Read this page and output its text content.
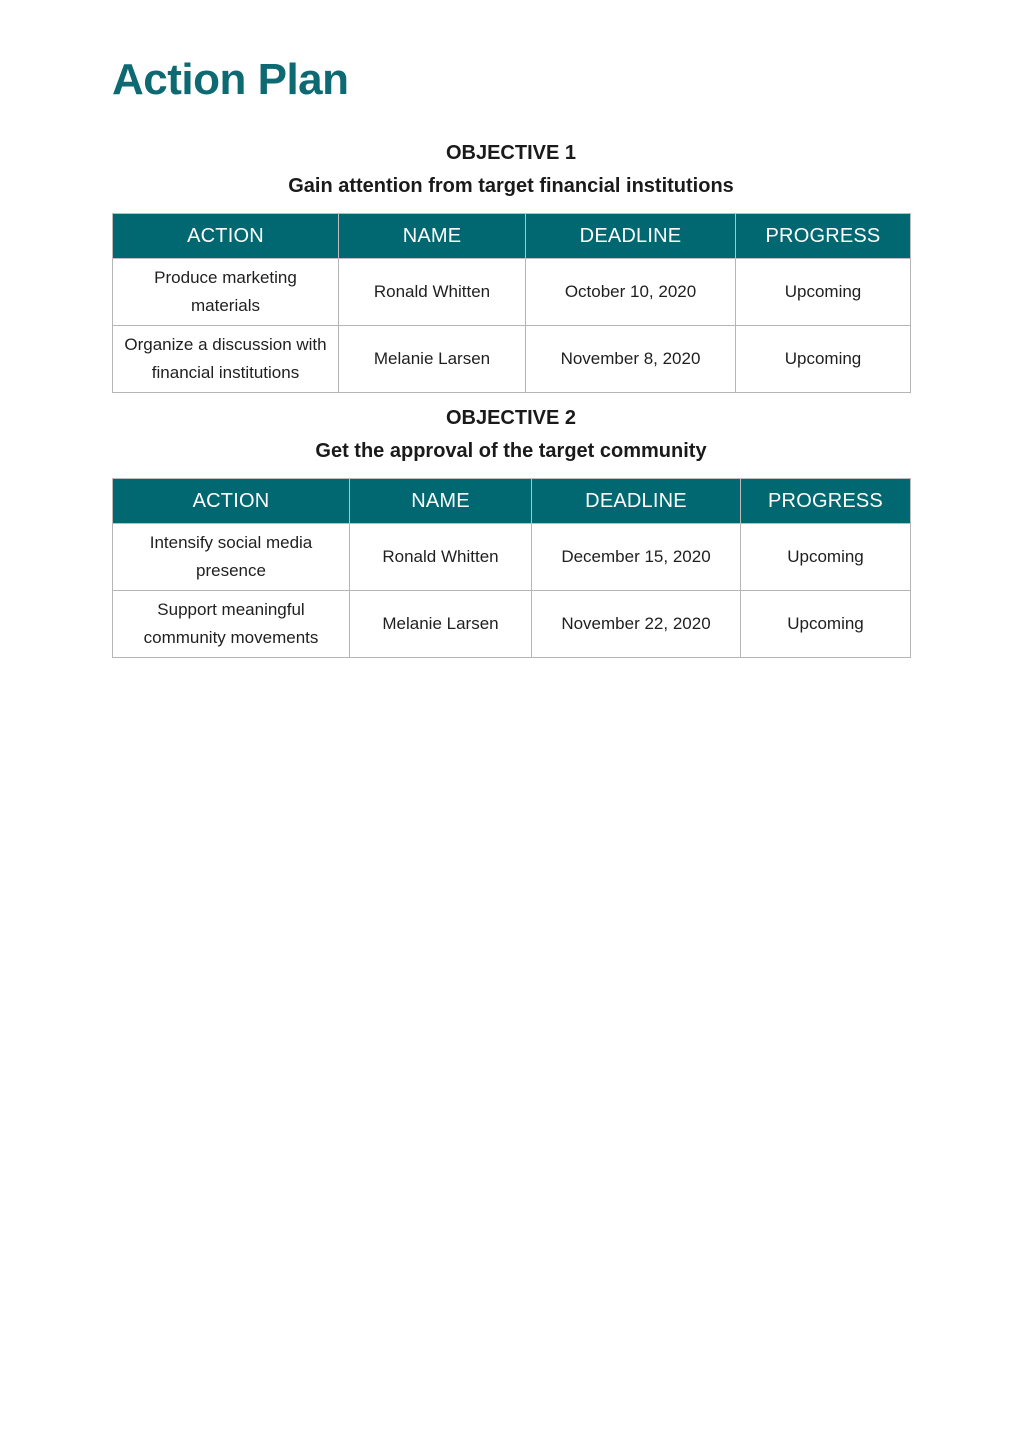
Action Plan

OBJECTIVE 1

Gain attention from target financial institutions

ACTION	NAME	DEADLINE	PROGRESS
Produce marketing materials	Ronald Whitten	October 10, 2020	Upcoming
Organize a discussion with financial institutions	Melanie Larsen	November 8, 2020	Upcoming

OBJECTIVE 2

Get the approval of the target community

ACTION	NAME	DEADLINE	PROGRESS
Intensify social media presence	Ronald Whitten	December 15, 2020	Upcoming
Support meaningful community movements	Melanie Larsen	November 22, 2020	Upcoming
